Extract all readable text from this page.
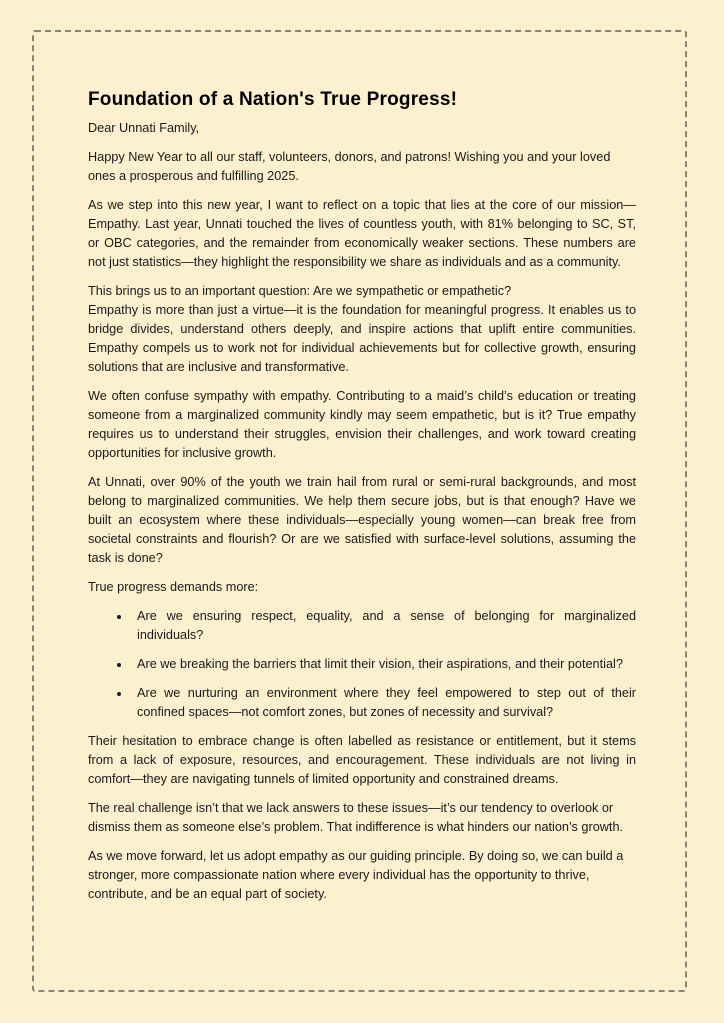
Foundation of a Nation's True Progress!

Dear Unnati Family,

Happy New Year to all our staff, volunteers, donors, and patrons! Wishing you and your loved ones a prosperous and fulfilling 2025.

As we step into this new year, I want to reflect on a topic that lies at the core of our mission—Empathy. Last year, Unnati touched the lives of countless youth, with 81% belonging to SC, ST, or OBC categories, and the remainder from economically weaker sections. These numbers are not just statistics—they highlight the responsibility we share as individuals and as a community.

This brings us to an important question: Are we sympathetic or empathetic?

Empathy is more than just a virtue—it is the foundation for meaningful progress. It enables us to bridge divides, understand others deeply, and inspire actions that uplift entire communities. Empathy compels us to work not for individual achievements but for collective growth, ensuring solutions that are inclusive and transformative.

We often confuse sympathy with empathy. Contributing to a maid’s child’s education or treating someone from a marginalized community kindly may seem empathetic, but is it? True empathy requires us to understand their struggles, envision their challenges, and work toward creating opportunities for inclusive growth.

At Unnati, over 90% of the youth we train hail from rural or semi-rural backgrounds, and most belong to marginalized communities. We help them secure jobs, but is that enough? Have we built an ecosystem where these individuals—especially young women—can break free from societal constraints and flourish? Or are we satisfied with surface-level solutions, assuming the task is done?

True progress demands more:

• Are we ensuring respect, equality, and a sense of belonging for marginalized individuals?
• Are we breaking the barriers that limit their vision, their aspirations, and their potential?
• Are we nurturing an environment where they feel empowered to step out of their confined spaces—not comfort zones, but zones of necessity and survival?

Their hesitation to embrace change is often labelled as resistance or entitlement, but it stems from a lack of exposure, resources, and encouragement. These individuals are not living in comfort—they are navigating tunnels of limited opportunity and constrained dreams.

The real challenge isn’t that we lack answers to these issues—it’s our tendency to overlook or dismiss them as someone else’s problem. That indifference is what hinders our nation’s growth.

As we move forward, let us adopt empathy as our guiding principle. By doing so, we can build a stronger, more compassionate nation where every individual has the opportunity to thrive, contribute, and be an equal part of society.
